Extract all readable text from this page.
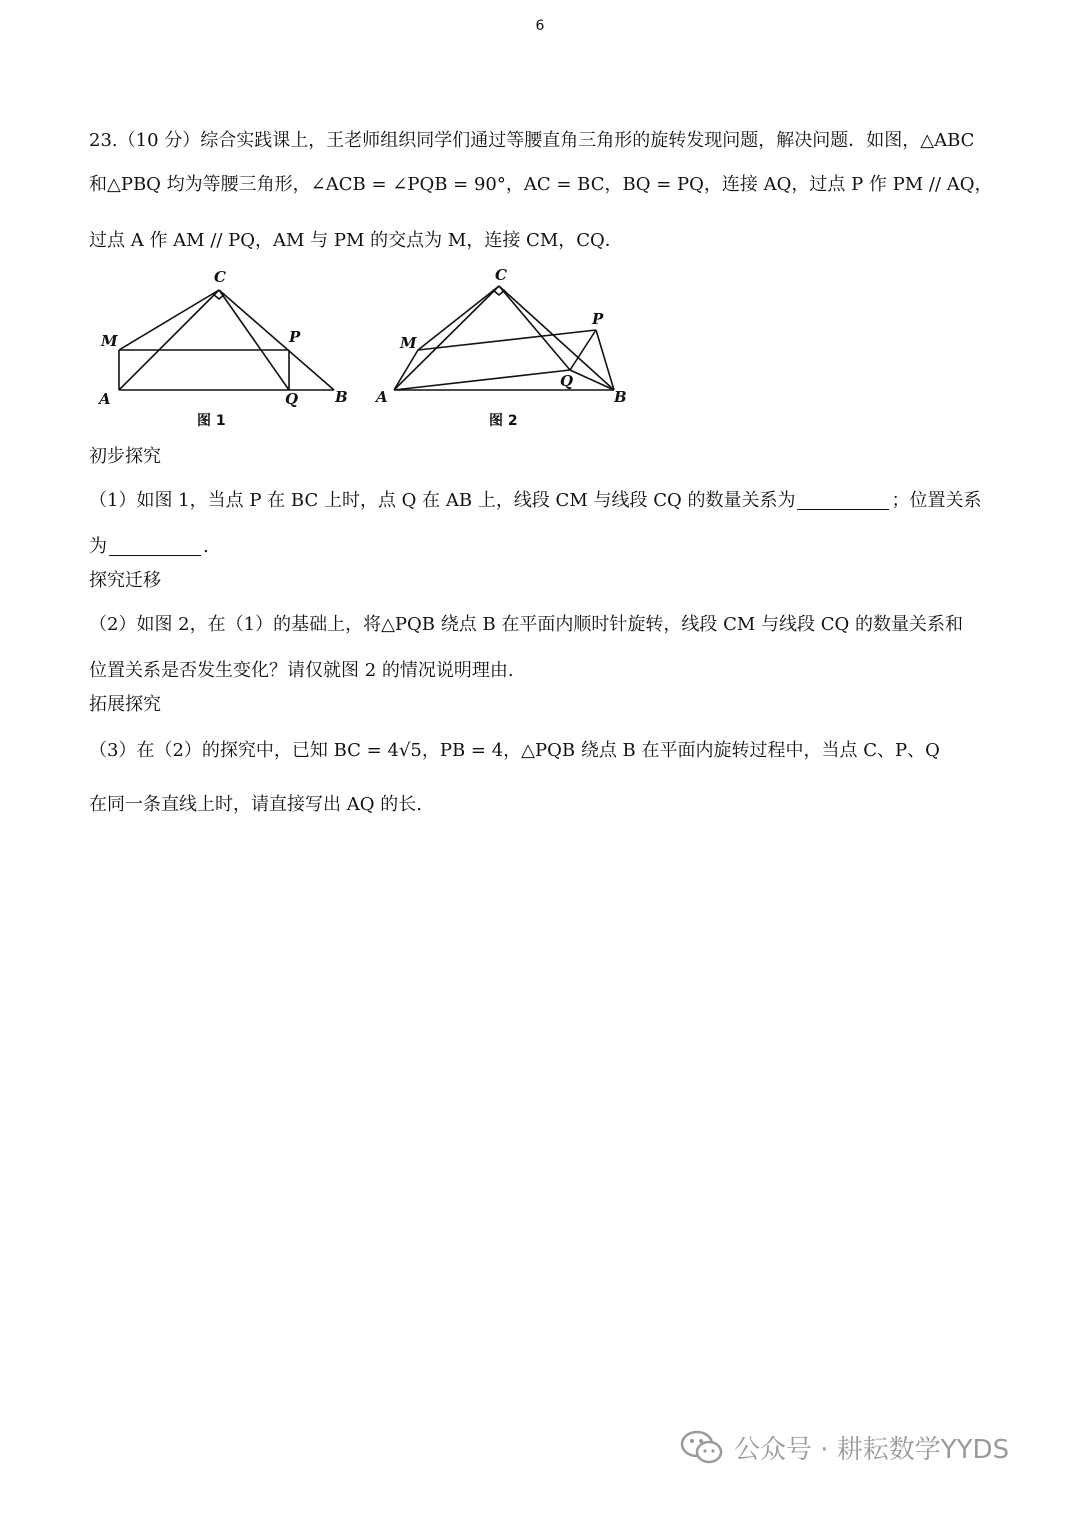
6
23.（10 分）综合实践课上，王老师组织同学们通过等腰直角三角形的旋转发现问题，解决问题．如图，△ABC
和△PBQ 均为等腰三角形，∠ACB = ∠PQB = 90°，AC = BC，BQ = PQ，连接 AQ，过点 P 作 PM // AQ，
过点 A 作 AM // PQ，AM 与 PM 的交点为 M，连接 CM，CQ．
C
M	P
A	Q B
图 1
C
M
P
Q
A	B
图 2
初步探究
（1）如图 1，当点 P 在 BC 上时，点 Q 在 AB 上，线段 CM 与线段 CQ 的数量关系为	；位置关系
为	.
探究迁移
（2）如图 2，在（1）的基础上，将△PQB 绕点 B 在平面内顺时针旋转，线段 CM 与线段 CQ 的数量关系和
位置关系是否发生变化？请仅就图 2 的情况说明理由.
拓展探究
（3）在（2）的探究中，已知 BC = 4√5，PB = 4，△PQB 绕点 B 在平面内旋转过程中，当点 C、P、Q
在同一条直线上时，请直接写出 AQ 的长.
公众号 · 耕耘数学YYDS
